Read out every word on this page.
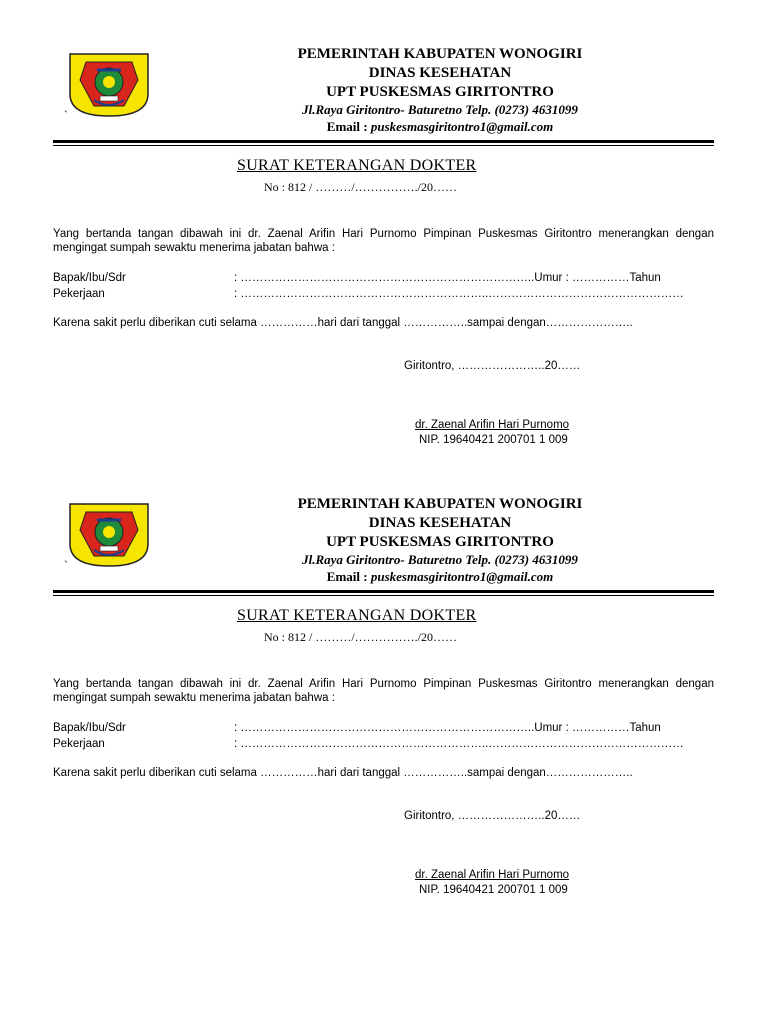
`
PEMERINTAH KABUPATEN WONOGIRI
DINAS KESEHATAN
UPT PUSKESMAS GIRITONTRO
Jl.Raya Giritontro- Baturetno Telp. (0273) 4631099
Email : puskesmasgiritontro1@gmail.com
SURAT KETERANGAN DOKTER
No : 812 / ………/……………./20……
Yang bertanda tangan dibawah ini dr. Zaenal Arifin Hari Purnomo Pimpinan Puskesmas Giritontro menerangkan dengan mengingat sumpah sewaktu menerima jabatan bahwa :
Bapak/Ibu/Sdr	: …………………………………………………………………..Umur : ……………Tahun
Pekerjaan	: ………………………………………………………..……………………………………………
Karena sakit perlu diberikan cuti selama ……………hari dari tanggal ……………..sampai dengan…………………..
Giritontro, …………………..20……
dr. Zaenal Arifin Hari Purnomo
NIP. 19640421 200701 1 009
`
PEMERINTAH KABUPATEN WONOGIRI
DINAS KESEHATAN
UPT PUSKESMAS GIRITONTRO
Jl.Raya Giritontro- Baturetno Telp. (0273) 4631099
Email : puskesmasgiritontro1@gmail.com
SURAT KETERANGAN DOKTER
No : 812 / ………/……………./20……
Yang bertanda tangan dibawah ini dr. Zaenal Arifin Hari Purnomo Pimpinan Puskesmas Giritontro menerangkan dengan mengingat sumpah sewaktu menerima jabatan bahwa :
Bapak/Ibu/Sdr	: …………………………………………………………………..Umur : ……………Tahun
Pekerjaan	: ………………………………………………………..……………………………………………
Karena sakit perlu diberikan cuti selama ……………hari dari tanggal ……………..sampai dengan…………………..
Giritontro, …………………..20……
dr. Zaenal Arifin Hari Purnomo
NIP. 19640421 200701 1 009
